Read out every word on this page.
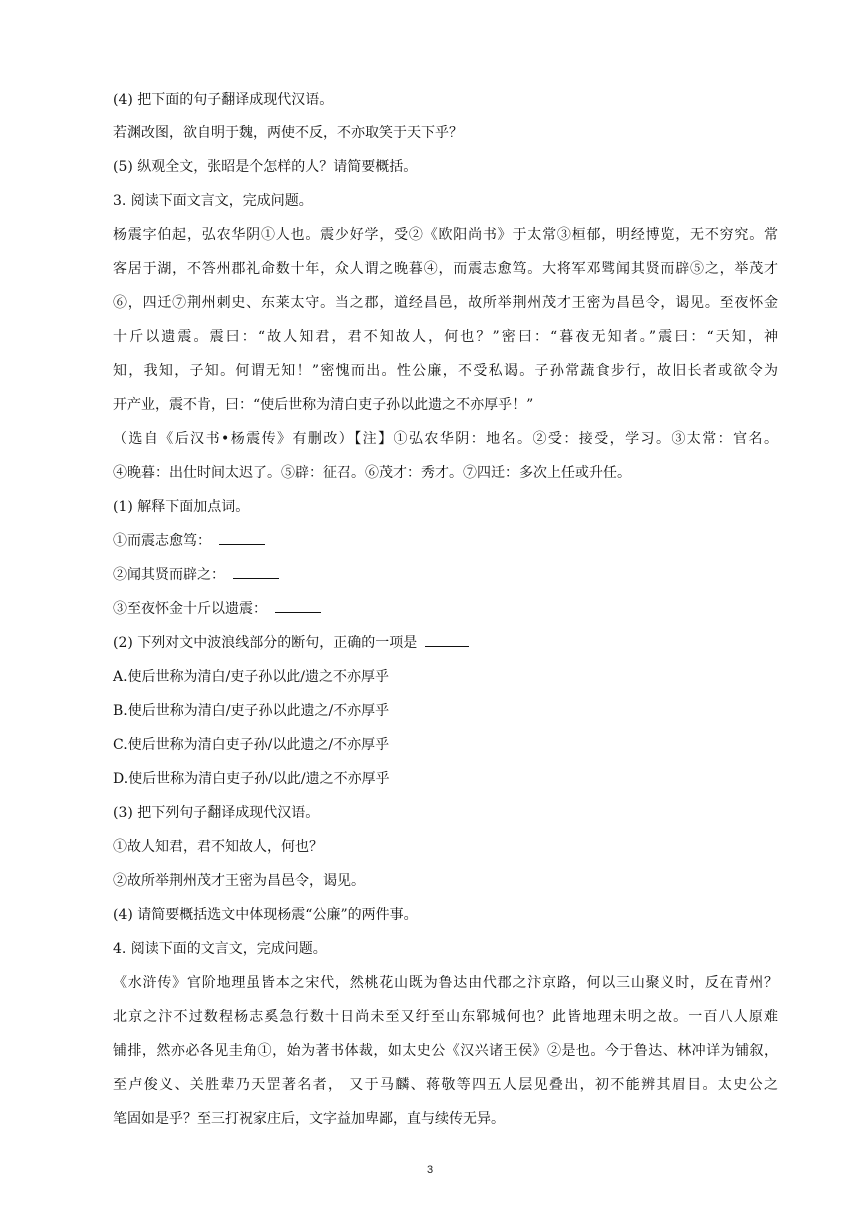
(4) 把下面的句子翻译成现代汉语。
若渊改图，欲自明于魏，两使不反，不亦取笑于天下乎？
(5) 纵观全文，张昭是个怎样的人？请简要概括。
3. 阅读下面文言文，完成问题。
杨震字伯起，弘农华阴①人也。震少好学，受②《欧阳尚书》于太常③桓郁，明经博览，无不穷究。常
客居于湖，不答州郡礼命数十年，众人谓之晚暮④，而震志愈笃。大将军邓骘闻其贤而辟⑤之，举茂才
⑥，四迁⑦荆州刺史、东莱太守。当之郡，道经昌邑，故所举荆州茂才王密为昌邑令，谒见。至夜怀金
十斤以遗震。震曰：“故人知君，君不知故人，何也？”密曰：“暮夜无知者。”震曰：“天知，神
知，我知，子知。何谓无知！”密愧而出。性公廉，不受私谒。子孙常蔬食步行，故旧长者或欲令为
开产业，震不肯，曰：“使后世称为清白吏子孙以此遗之不亦厚乎！”
（选自《后汉书•杨震传》有删改）【注】①弘农华阴：地名。②受：接受，学习。③太常：官名。
④晚暮：出仕时间太迟了。⑤辟：征召。⑥茂才：秀才。⑦四迁：多次上任或升任。
(1) 解释下面加点词。
①而震志愈笃：
②闻其贤而辟之：
③至夜怀金十斤以遗震：
(2) 下列对文中波浪线部分的断句，正确的一项是
A.使后世称为清白/吏子孙以此/遗之不亦厚乎
B.使后世称为清白/吏子孙以此遗之/不亦厚乎
C.使后世称为清白吏子孙/以此遗之/不亦厚乎
D.使后世称为清白吏子孙/以此/遗之不亦厚乎
(3) 把下列句子翻译成现代汉语。
①故人知君，君不知故人，何也？
②故所举荆州茂才王密为昌邑令，谒见。
(4) 请简要概括选文中体现杨震“公廉”的两件事。
4. 阅读下面的文言文，完成问题。
《水浒传》官阶地理虽皆本之宋代，然桃花山既为鲁达由代郡之汴京路，何以三山聚义时，反在青州？
北京之汴不过数程杨志奚急行数十日尚未至又纡至山东郓城何也？此皆地理未明之故。一百八人原难
铺排，然亦必各见圭角①，始为著书体裁，如太史公《汉兴诸王侯》②是也。今于鲁达、林冲详为铺叙，
至卢俊义、关胜辈乃天罡著名者， 又于马麟、蒋敬等四五人层见叠出，初不能辨其眉目。太史公之
笔固如是乎？至三打祝家庄后，文字益加卑鄙，直与续传无异。
3
